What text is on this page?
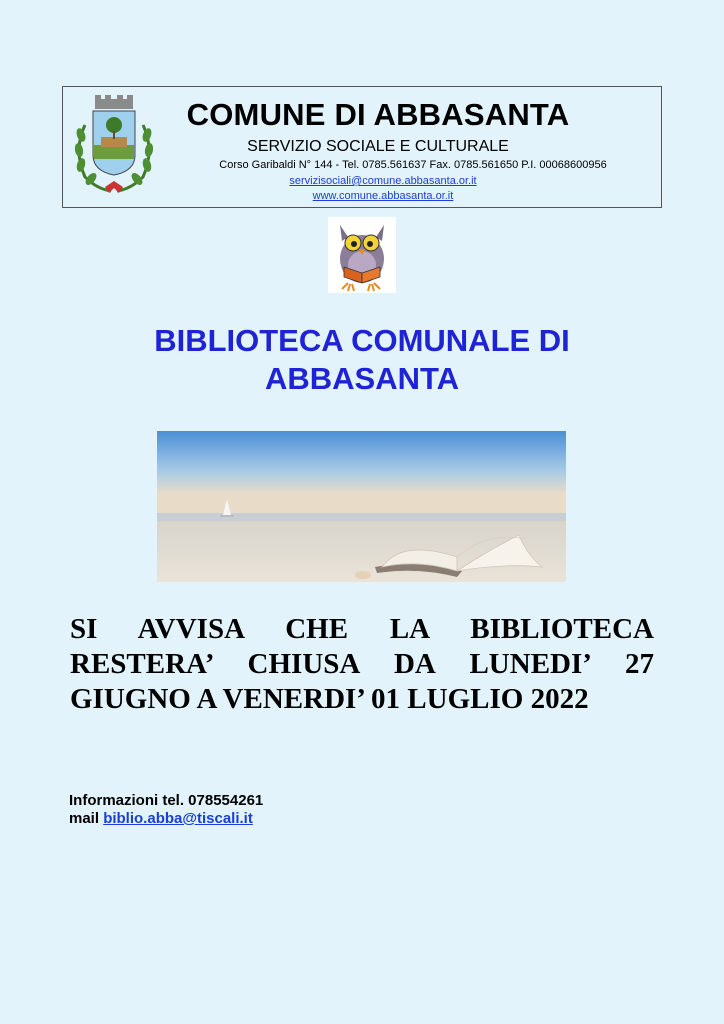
COMUNE DI ABBASANTA
SERVIZIO SOCIALE E CULTURALE
Corso Garibaldi N° 144 - Tel. 0785.561637 Fax. 0785.561650 P.I. 00068600956
servizisociali@comune.abbasanta.or.it
www.comune.abbasanta.or.it
BIBLIOTECA COMUNALE DI
ABBASANTA
SI AVVISA CHE LA BIBLIOTECA RESTERA’ CHIUSA DA LUNEDI’ 27 GIUGNO A VENERDI’ 01 LUGLIO 2022
Informazioni tel. 078554261
mail biblio.abba@tiscali.it
